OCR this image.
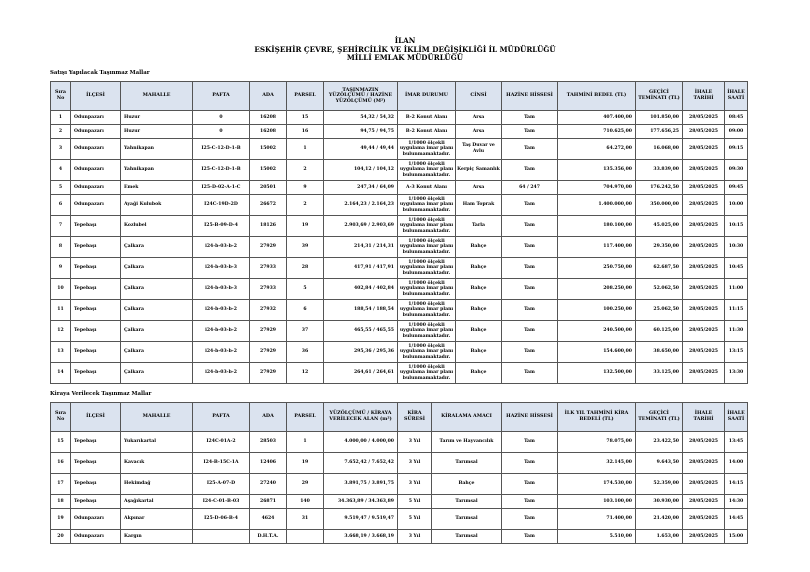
İLAN
ESKİŞEHİR ÇEVRE, ŞEHİRCİLİK VE İKLİM DEĞİŞİKLİĞİ İL MÜDÜRLÜĞÜ
MİLLİ EMLAK MÜDÜRLÜĞÜ
Satışı Yapılacak Taşınmaz Mallar
Sıra No	İLÇESİ	MAHALLE	PAFTA	ADA	PARSEL	TAŞINMAZIN YÜZÖLÇÜMÜ / HAZİNE YÜZÖLÇÜMÜ (M²)	İMAR DURUMU	CİNSİ	HAZİNE HİSSESİ	TAHMİNİ BEDEL (TL)	GEÇİCİ TEMİNATI (TL)	İHALE TARİHİ	İHALE SAATİ
1	Odunpazarı	Huzur	0	16208	15	54,32 / 54,32	B-2 Konut Alanı	Arsa	Tam	407.400,00	101.850,00	28/05/2025	08:45
2	Odunpazarı	Huzur	0	16208	16	94,75 / 94,75	B-2 Konut Alanı	Arsa	Tam	710.625,00	177.656,25	28/05/2025	09:00
3	Odunpazarı	Yahnikapan	I25-C-12-D-1-B	15002	1	49,44 / 49,44	1/1000 ölçekli uygulama imar planı bulunmamaktadır.	Taş Duvar ve Avlu	Tam	64.272,00	16.068,00	28/05/2025	09:15
4	Odunpazarı	Yahnikapan	I25-C-12-D-1-B	15002	2	104,12 / 104,12	1/1000 ölçekli uygulama imar planı bulunmamaktadır.	Kerpiç Samanlık	Tam	135.356,00	33.839,00	28/05/2025	09:30
5	Odunpazarı	Emek	I25-D-02-A-1-C	20501	9	247,34 / 64,09	A-3 Konut Alanı	Arsa	64 / 247	704.970,00	176.242,50	28/05/2025	09:45
6	Odunpazarı	Ayaği Kulubok	I24C-19D-2D	26672	2	2.164,23 / 2.164,23	1/1000 ölçekli uygulama imar planı bulunmamaktadır.	Ham Toprak	Tam	1.400.000,00	350.000,00	28/05/2025	10:00
7	Tepebaşı	Kozlubel	I25-B-09-D-4	18126	19	2.903,69 / 2.903,69	1/1000 ölçekli uygulama imar planı bulunmamaktadır.	Tarla	Tam	180.100,00	45.025,00	28/05/2025	10:15
8	Tepebaşı	Çalkara	i24-b-03-b-2	27929	39	214,31 / 214,31	1/1000 ölçekli uygulama imar planı bulunmamaktadır.	Bahçe	Tam	117.400,00	29.350,00	28/05/2025	10:30
9	Tepebaşı	Çalkara	i24-b-03-b-3	27933	28	417,91 / 417,91	1/1000 ölçekli uygulama imar planı bulunmamaktadır.	Bahçe	Tam	250.750,00	62.687,50	28/05/2025	10:45
10	Tepebaşı	Çalkara	i24-b-03-b-3	27933	5	402,84 / 402,84	1/1000 ölçekli uygulama imar planı bulunmamaktadır.	Bahçe	Tam	208.250,00	52.062,50	28/05/2025	11:00
11	Tepebaşı	Çalkara	i24-b-03-b-2	27932	6	188,54 / 188,54	1/1000 ölçekli uygulama imar planı bulunmamaktadır.	Bahçe	Tam	100.250,00	25.062,50	28/05/2025	11:15
12	Tepebaşı	Çalkara	i24-b-03-b-2	27929	37	465,55 / 465,55	1/1000 ölçekli uygulama imar planı bulunmamaktadır.	Bahçe	Tam	240.500,00	60.125,00	28/05/2025	11:30
13	Tepebaşı	Çalkara	i24-b-03-b-2	27929	36	295,36 / 295,36	1/1000 ölçekli uygulama imar planı bulunmamaktadır.	Bahçe	Tam	154.600,00	38.650,00	28/05/2025	13:15
14	Tepebaşı	Çalkara	i24-b-03-b-2	27929	12	264,61 / 264,61	1/1000 ölçekli uygulama imar planı bulunmamaktadır.	Bahçe	Tam	132.500,00	33.125,00	28/05/2025	13:30
Kiraya Verilecek Taşınmaz Mallar
Sıra No	İLÇESİ	MAHALLE	PAFTA	ADA	PARSEL	YÜZÖLÇÜMÜ / KİRAYA VERİLECEK ALAN (m²)	KİRA SÜRESİ	KİRALAMA AMACI	HAZİNE HİSSESİ	İLK YIL TAHMİNİ KİRA BEDELİ (TL)	GEÇİCİ TEMİNATI (TL)	İHALE TARİHİ	İHALE SAATİ
15	Tepebaşı	Yukarıkartal	I24C-01A-2	28503	1	4.000,00 / 4.000,00	3 Yıl	Tarım ve Hayvancılık	Tam	78.075,00	23.422,50	28/05/2025	13:45
16	Tepebaşı	Kavacık	I24-B-15C-1A	12406	19	7.652,42 / 7.652,42	3 Yıl	Tarımsal	Tam	32.145,00	9.643,50	28/05/2025	14:00
17	Tepebaşı	Hekimdağ	I25-A-07-D	27240	29	3.891,75 / 3.891,75	3 Yıl	Bahçe	Tam	174.530,00	52.359,00	28/05/2025	14:15
18	Tepebaşı	Aşağıkartal	I24-C-01-B-03	26871	140	34.363,89 / 34.363,89	5 Yıl	Tarımsal	Tam	103.100,00	30.930,00	28/05/2025	14:30
19	Odunpazarı	Akpınar	I25-D-06-B-4	4624	31	9.519,47 / 9.519,47	5 Yıl	Tarımsal	Tam	71.400,00	21.420,00	28/05/2025	14:45
20	Odunpazarı	Kargın		D.H.T.A.		3.668,19 / 3.668,19	3 Yıl	Tarımsal	Tam	5.510,00	1.653,00	28/05/2025	15:00
